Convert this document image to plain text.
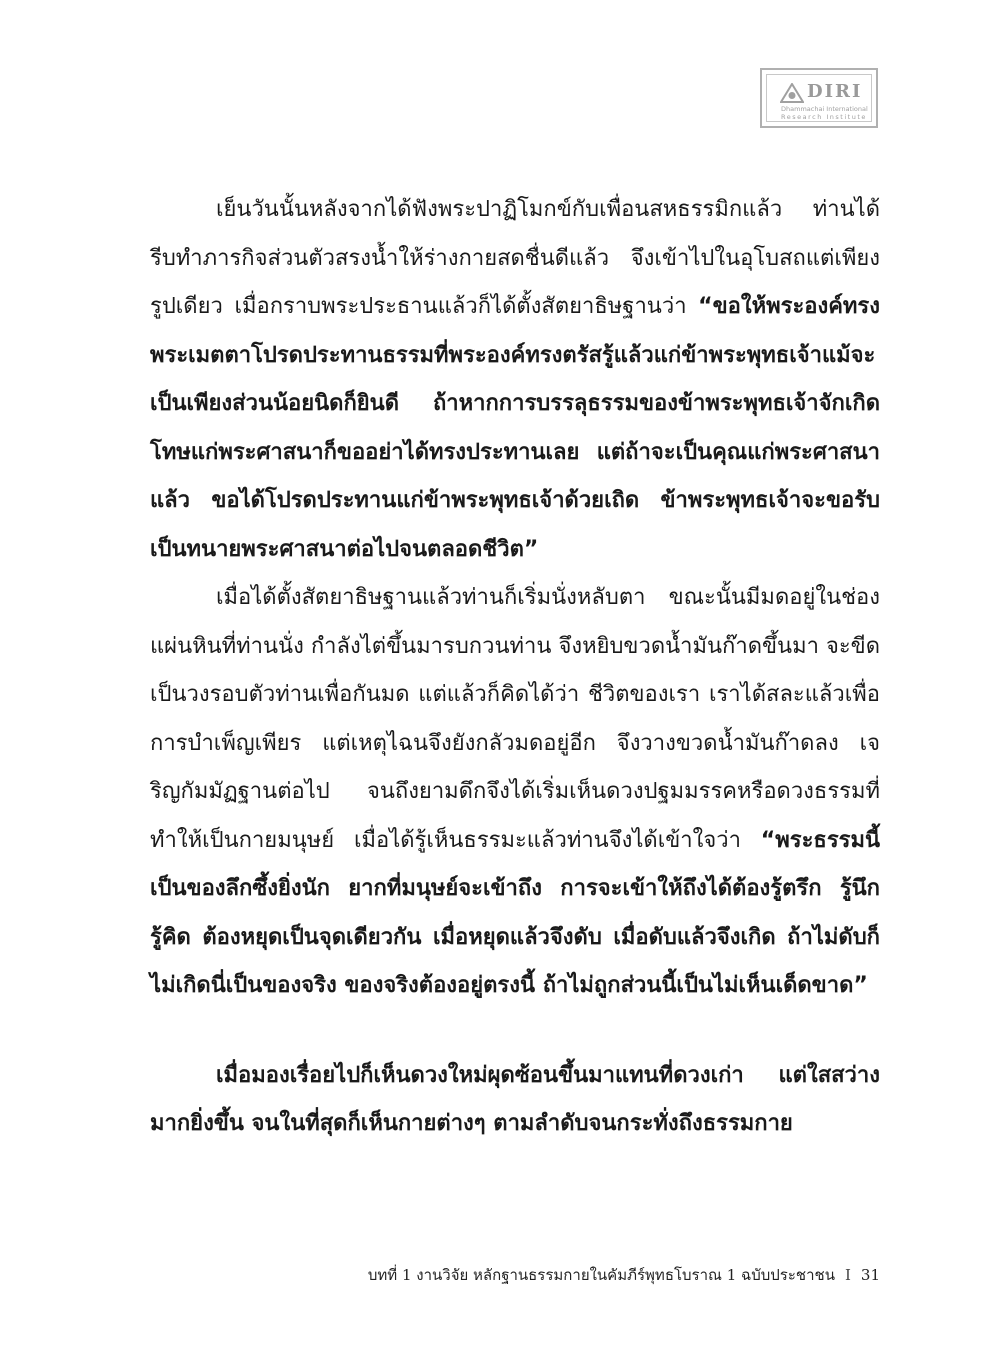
DIRI
Dhammachai International
Research Institute

เย็นวันนั้นหลังจากได้ฟังพระปาฏิโมกข์กับเพื่อนสหธรรมิกแล้ว ท่านได้รีบทำภารกิจส่วนตัวสรงน้ำให้ร่างกายสดชื่นดีแล้ว จึงเข้าไปในอุโบสถแต่เพียงรูปเดียว เมื่อกราบพระประธานแล้วก็ได้ตั้งสัตยาธิษฐานว่า “ขอให้พระองค์ทรงพระเมตตาโปรดประทานธรรมที่พระองค์ทรงตรัสรู้แล้วแก่ข้าพระพุทธเจ้าแม้จะเป็นเพียงส่วนน้อยนิดก็ยินดี ถ้าหากการบรรลุธรรมของข้าพระพุทธเจ้าจักเกิดโทษแก่พระศาสนาก็ขออย่าได้ทรงประทานเลย แต่ถ้าจะเป็นคุณแก่พระศาสนาแล้ว ขอได้โปรดประทานแก่ข้าพระพุทธเจ้าด้วยเถิด ข้าพระพุทธเจ้าจะขอรับเป็นทนายพระศาสนาต่อไปจนตลอดชีวิต”

เมื่อได้ตั้งสัตยาธิษฐานแล้วท่านก็เริ่มนั่งหลับตา ขณะนั้นมีมดอยู่ในช่องแผ่นหินที่ท่านนั่ง กำลังไต่ขึ้นมารบกวนท่าน จึงหยิบขวดน้ำมันก๊าดขึ้นมา จะขีดเป็นวงรอบตัวท่านเพื่อกันมด แต่แล้วก็คิดได้ว่า ชีวิตของเรา เราได้สละแล้วเพื่อการบำเพ็ญเพียร แต่เหตุไฉนจึงยังกลัวมดอยู่อีก จึงวางขวดน้ำมันก๊าดลง เจริญกัมมัฏฐานต่อไป จนถึงยามดึกจึงได้เริ่มเห็นดวงปฐมมรรคหรือดวงธรรมที่ทำให้เป็นกายมนุษย์ เมื่อได้รู้เห็นธรรมะแล้วท่านจึงได้เข้าใจว่า “พระธรรมนี้เป็นของลึกซึ้งยิ่งนัก ยากที่มนุษย์จะเข้าถึง การจะเข้าให้ถึงได้ต้องรู้ตรึก รู้นึก รู้คิด ต้องหยุดเป็นจุดเดียวกัน เมื่อหยุดแล้วจึงดับ เมื่อดับแล้วจึงเกิด ถ้าไม่ดับก็ไม่เกิดนี่เป็นของจริง ของจริงต้องอยู่ตรงนี้ ถ้าไม่ถูกส่วนนี้เป็นไม่เห็นเด็ดขาด”

เมื่อมองเรื่อยไปก็เห็นดวงใหม่ผุดซ้อนขึ้นมาแทนที่ดวงเก่า แต่ใสสว่างมากยิ่งขึ้น จนในที่สุดก็เห็นกายต่างๆ ตามลำดับจนกระทั่งถึงธรรมกาย

บทที่ 1 งานวิจัย หลักฐานธรรมกายในคัมภีร์พุทธโบราณ 1 ฉบับประชาชน I 31
